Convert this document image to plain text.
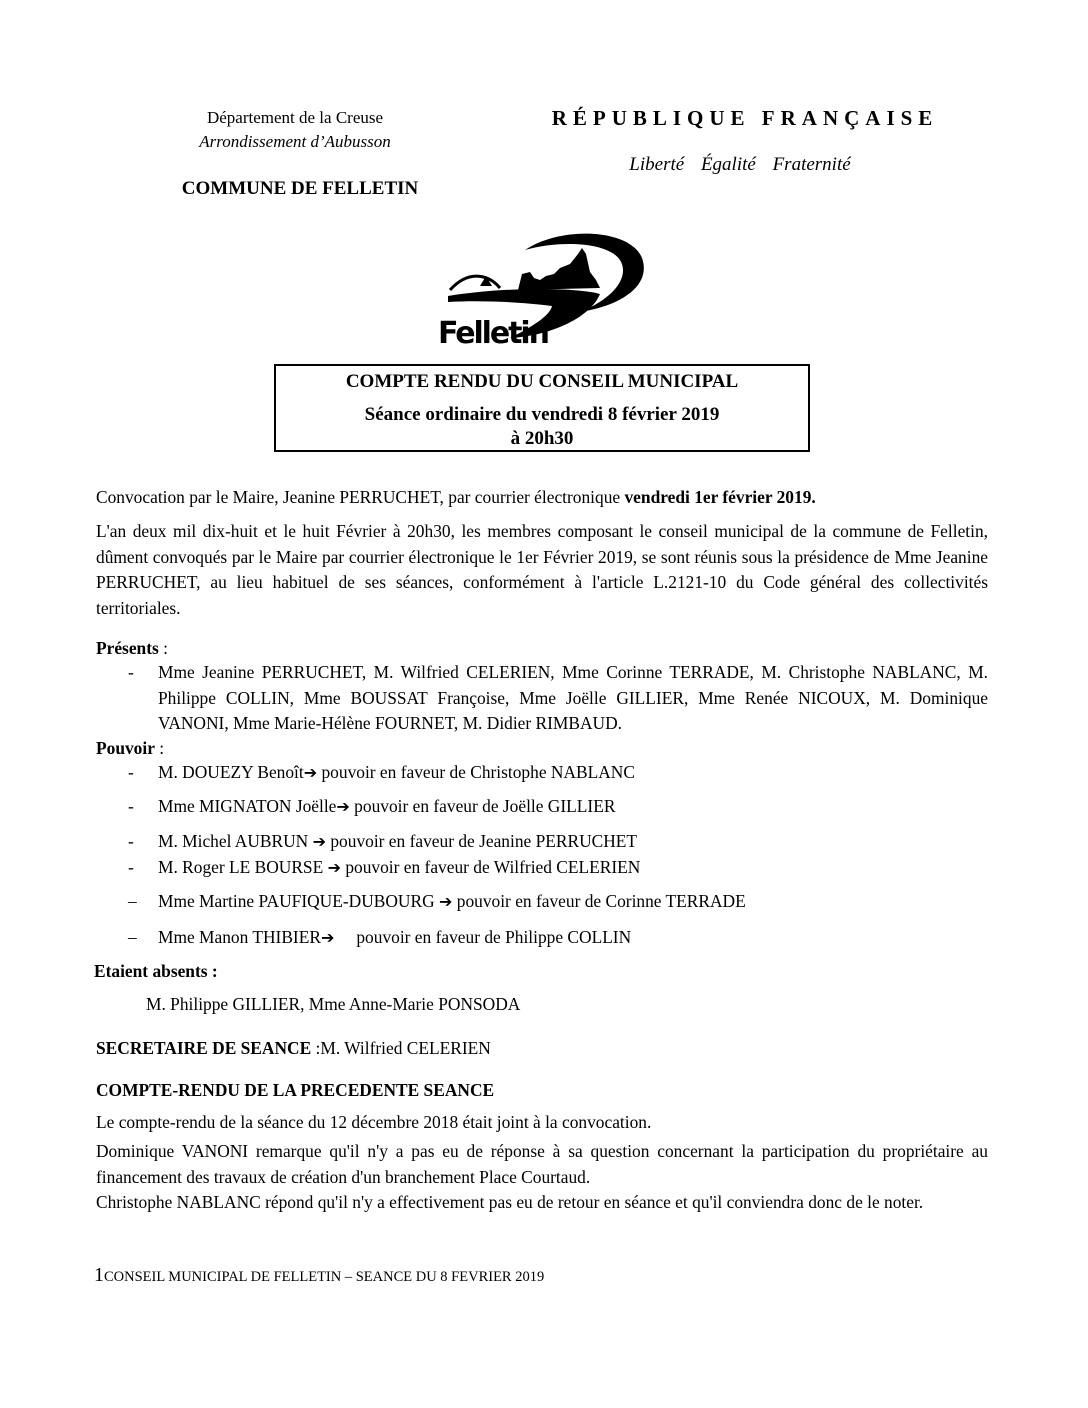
Département de la Creuse
Arrondissement d’Aubusson
COMMUNE DE FELLETIN
RÉPUBLIQUE FRANÇAISE
Liberté Égalité Fraternité
Felletin
COMPTE RENDU DU CONSEIL MUNICIPAL
Séance ordinaire du vendredi 8 février 2019
à 20h30
Convocation par le Maire, Jeanine PERRUCHET, par courrier électronique vendredi 1er février 2019.
L'an deux mil dix-huit et le huit Février à 20h30, les membres composant le conseil municipal de la commune de Felletin, dûment convoqués par le Maire par courrier électronique le 1er Février 2019, se sont réunis sous la présidence de Mme Jeanine PERRUCHET, au lieu habituel de ses séances, conformément à l'article L.2121-10 du Code général des collectivités territoriales.
Présents :
- Mme Jeanine PERRUCHET, M. Wilfried CELERIEN, Mme Corinne TERRADE, M. Christophe NABLANC, M. Philippe COLLIN, Mme BOUSSAT Françoise, Mme Joëlle GILLIER, Mme Renée NICOUX, M. Dominique VANONI, Mme Marie-Hélène FOURNET, M. Didier RIMBAUD.
Pouvoir :
- M. DOUEZY Benoît➔ pouvoir en faveur de Christophe NABLANC
- Mme MIGNATON Joëlle➔ pouvoir en faveur de Joëlle GILLIER
- M. Michel AUBRUN ➔ pouvoir en faveur de Jeanine PERRUCHET
- M. Roger LE BOURSE ➔ pouvoir en faveur de Wilfried CELERIEN
– Mme Martine PAUFIQUE-DUBOURG ➔ pouvoir en faveur de Corinne TERRADE
– Mme Manon THIBIER➔ pouvoir en faveur de Philippe COLLIN
Etaient absents :
M. Philippe GILLIER, Mme Anne-Marie PONSODA
SECRETAIRE DE SEANCE :M. Wilfried CELERIEN
COMPTE-RENDU DE LA PRECEDENTE SEANCE
Le compte-rendu de la séance du 12 décembre 2018 était joint à la convocation.
Dominique VANONI remarque qu'il n'y a pas eu de réponse à sa question concernant la participation du propriétaire au financement des travaux de création d'un branchement Place Courtaud.
Christophe NABLANC répond qu'il n'y a effectivement pas eu de retour en séance et qu'il conviendra donc de le noter.
1CONSEIL MUNICIPAL DE FELLETIN – SEANCE DU 8 FEVRIER 2019
